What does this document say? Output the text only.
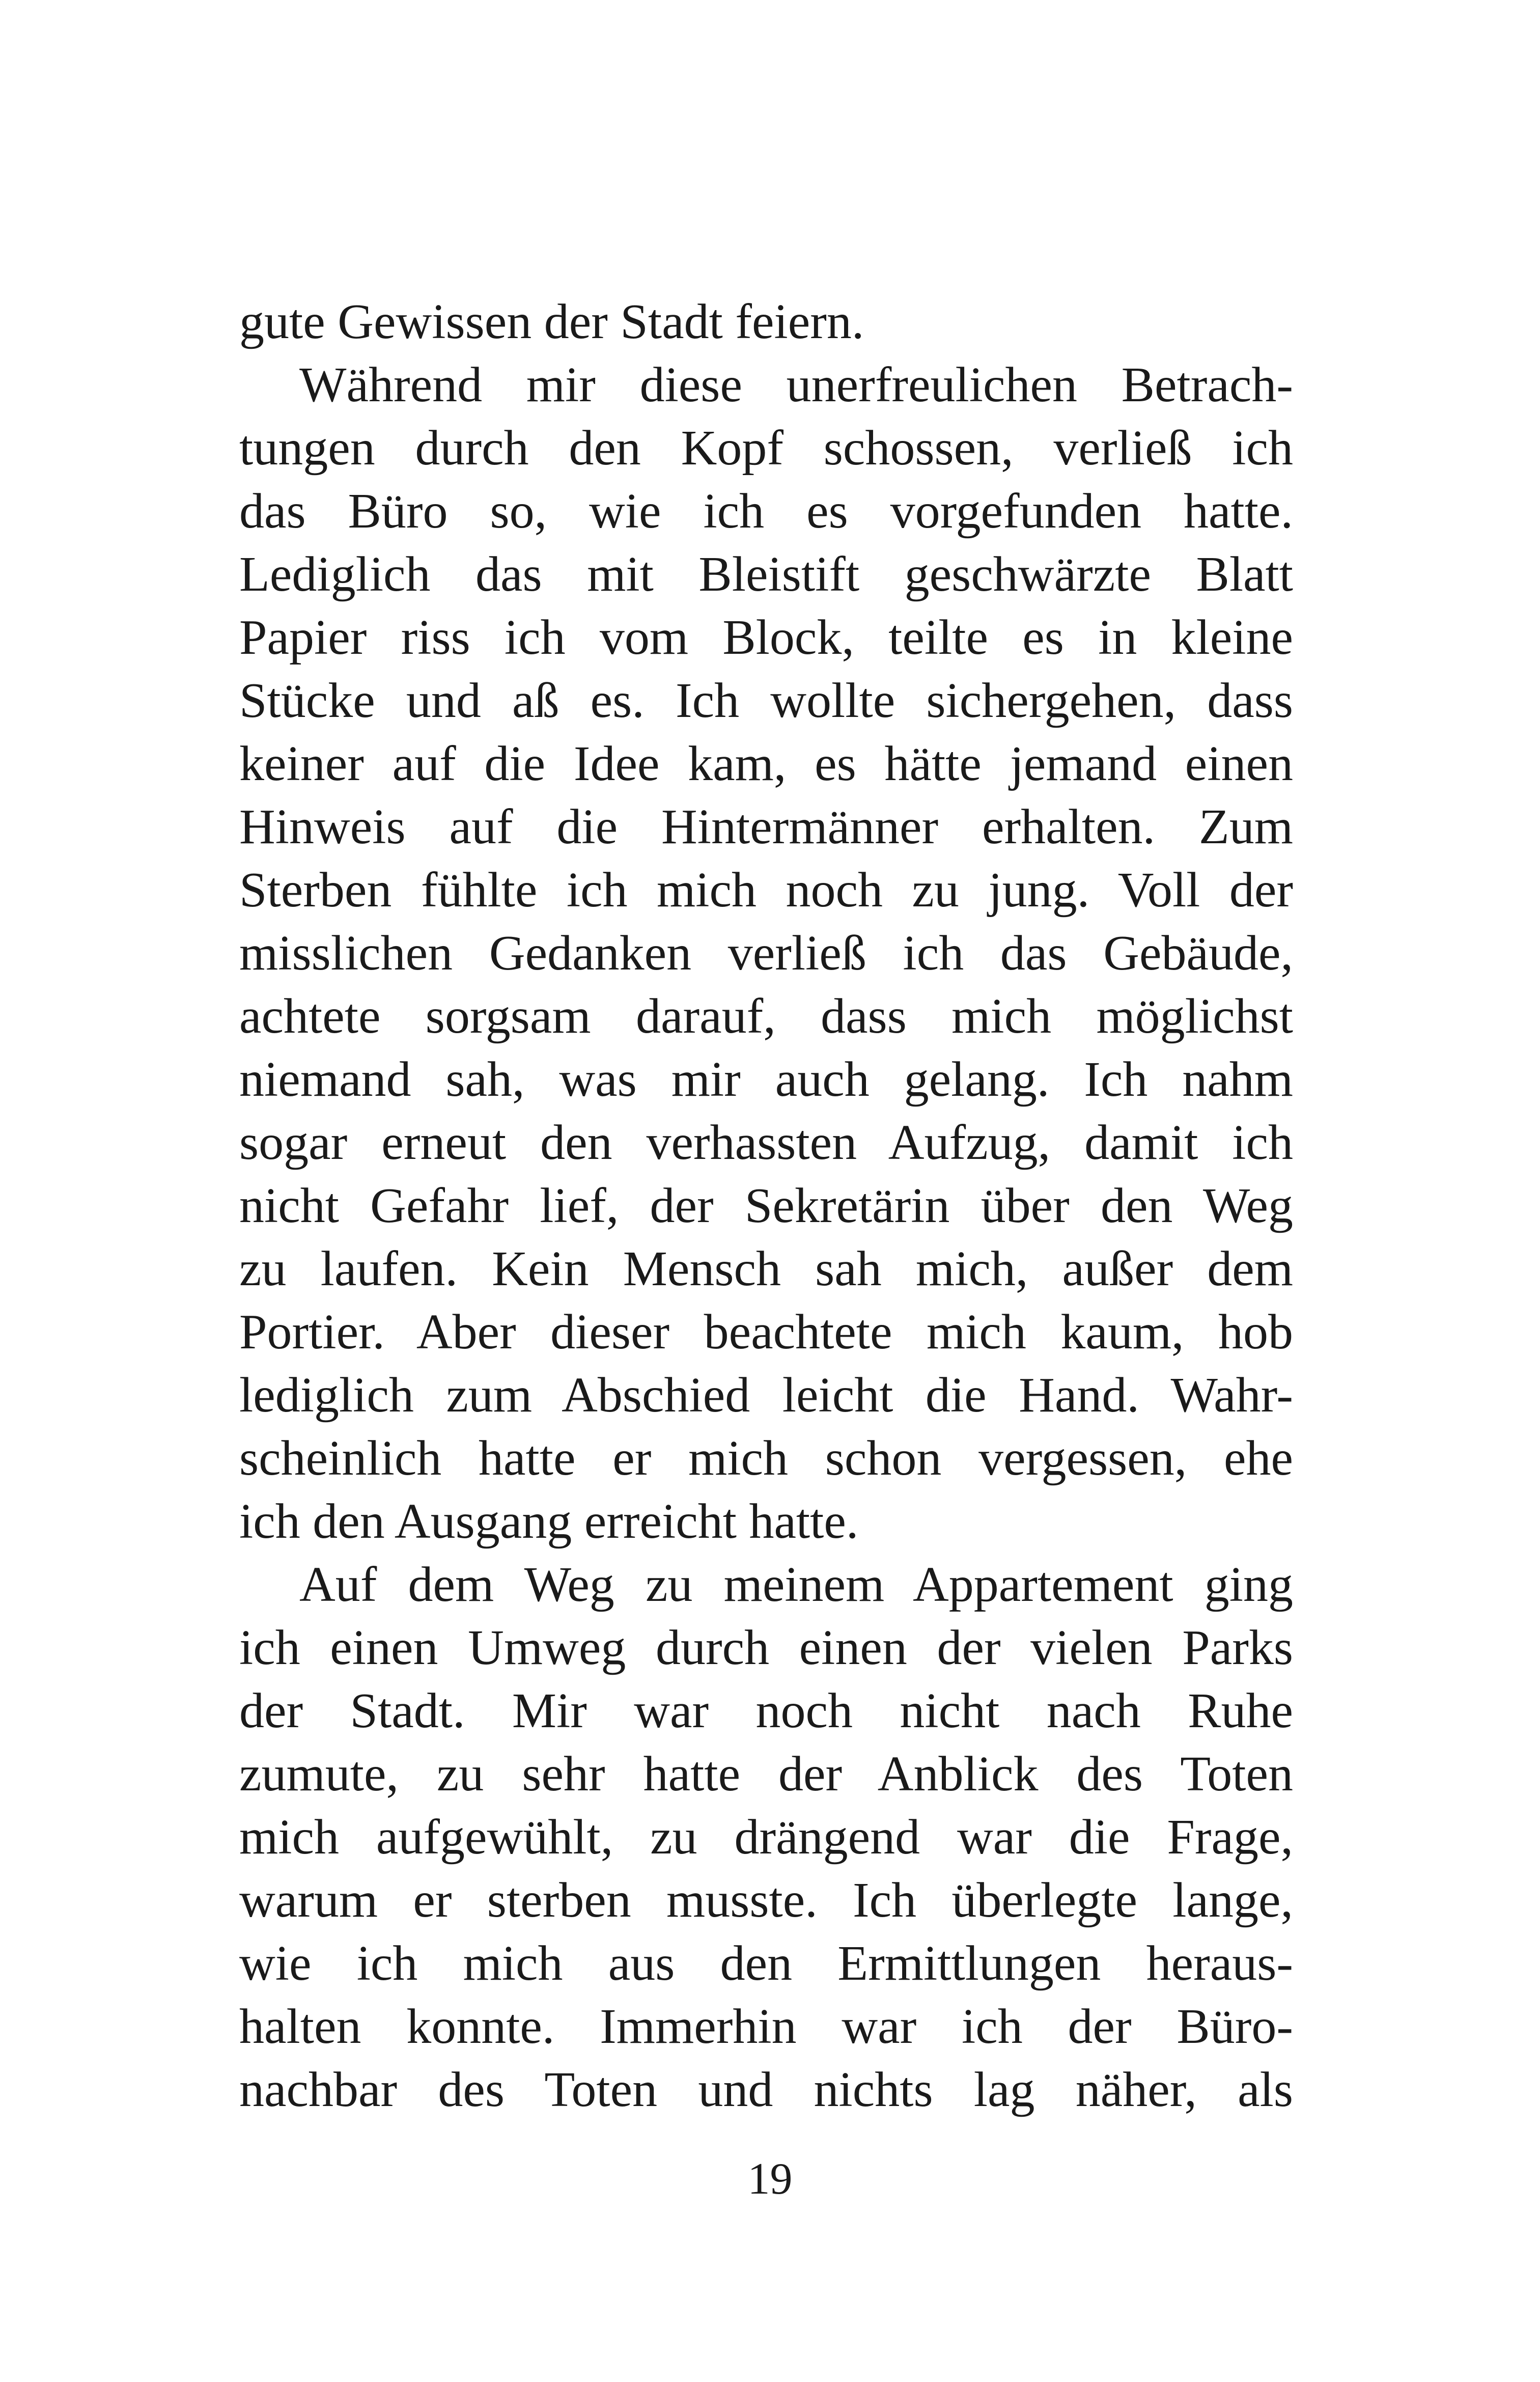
gute Gewissen der Stadt feiern.
Während mir diese unerfreulichen Betrach-
tungen durch den Kopf schossen, verließ ich
das Büro so, wie ich es vorgefunden hatte.
Lediglich das mit Bleistift geschwärzte Blatt
Papier riss ich vom Block, teilte es in kleine
Stücke und aß es. Ich wollte sichergehen, dass
keiner auf die Idee kam, es hätte jemand einen
Hinweis auf die Hintermänner erhalten. Zum
Sterben fühlte ich mich noch zu jung. Voll der
misslichen Gedanken verließ ich das Gebäude,
achtete sorgsam darauf, dass mich möglichst
niemand sah, was mir auch gelang. Ich nahm
sogar erneut den verhassten Aufzug, damit ich
nicht Gefahr lief, der Sekretärin über den Weg
zu laufen. Kein Mensch sah mich, außer dem
Portier. Aber dieser beachtete mich kaum, hob
lediglich zum Abschied leicht die Hand. Wahr-
scheinlich hatte er mich schon vergessen, ehe
ich den Ausgang erreicht hatte.
Auf dem Weg zu meinem Appartement ging
ich einen Umweg durch einen der vielen Parks
der Stadt. Mir war noch nicht nach Ruhe
zumute, zu sehr hatte der Anblick des Toten
mich aufgewühlt, zu drängend war die Frage,
warum er sterben musste. Ich überlegte lange,
wie ich mich aus den Ermittlungen heraus-
halten konnte. Immerhin war ich der Büro-
nachbar des Toten und nichts lag näher, als
19
